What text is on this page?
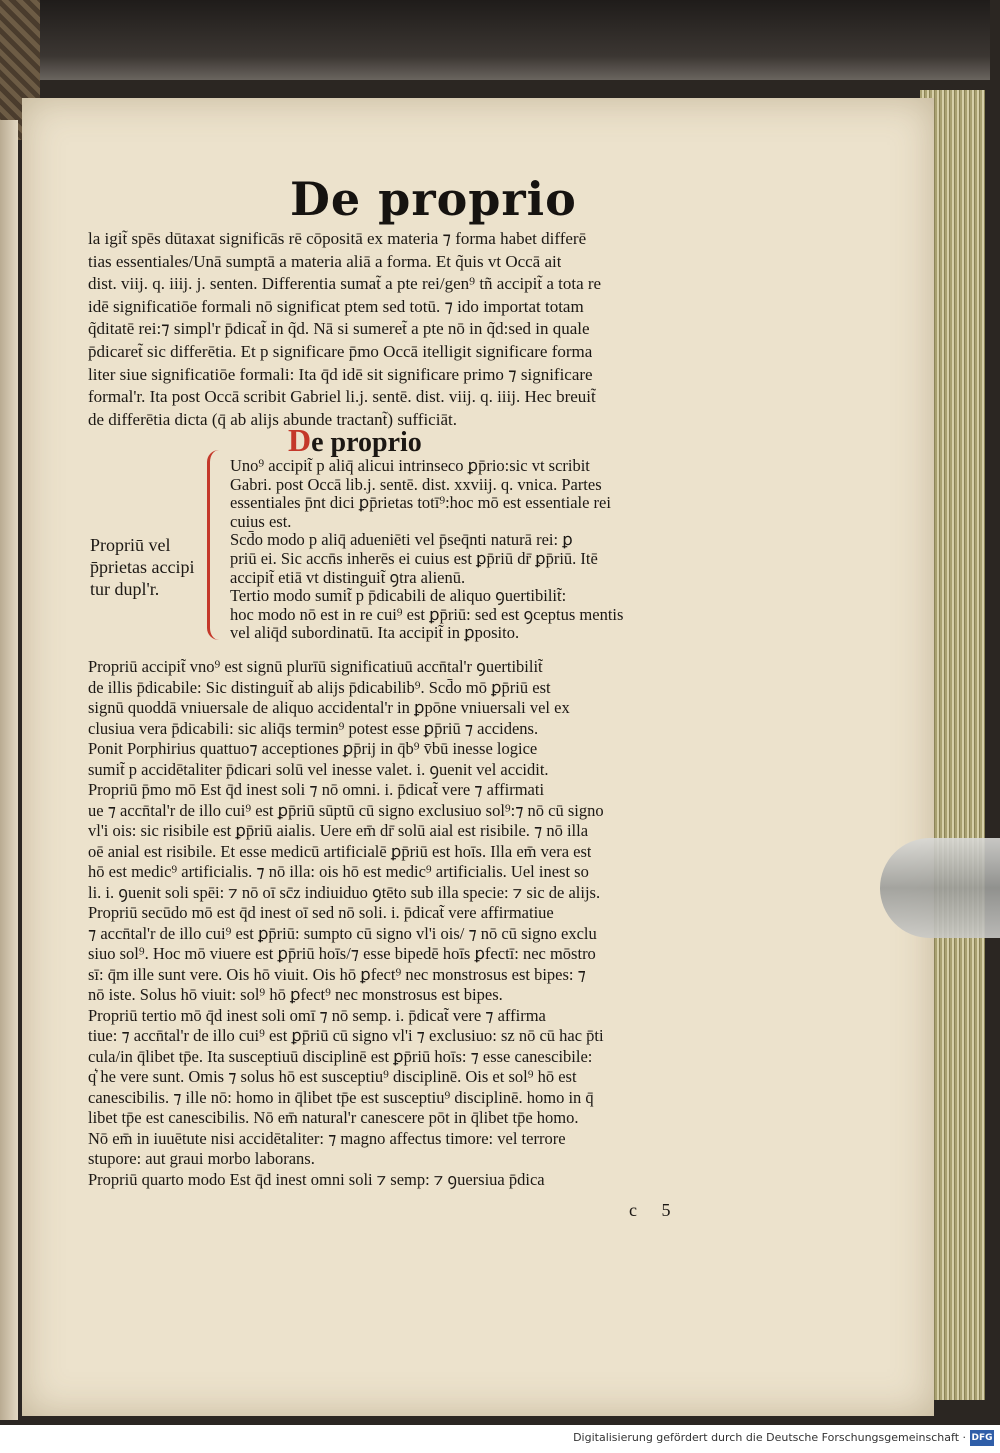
De proprio
la igit̃ spēs dūtaxat significās rē cōpositā ex materia ⁊ forma habet differē
tias essentiales/Unā sumptā a materia aliā a forma. Et q̃uis vt Occā ait
dist. viij. q. iiij. j. senten. Differentia sumat̃ a pte rei/gen⁹ tñ accipit̃ a tota re
idē significatiōe formali nō significat ptem sed totū. ⁊ ido importat totam
q̃ditatē rei:⁊ simpl'r p̄dicat̃ in q̃d. Nā si sumeret̃ a pte nō in q̃d:sed in quale
p̄dicaret̃ sic differētia. Et p significare p̄mo Occā itelligit significare forma
liter siue significatiōe formali: Ita q̄d idē sit significare primo ⁊ significare
formal'r. Ita post Occā scribit Gabriel li.j. sentē. dist. viij. q. iiij. Hec breuit̃
de differētia dicta (q̄ ab alijs abunde tractant̃) sufficiāt.
De proprio
Propriū vel
p̄prietas accipi
tur dupl'r.
Uno⁹ accipit̃ p aliq̄ alicui intrinseco ꝑp̄rio:sic vt scribit
Gabri. post Occā lib.j. sentē. dist. xxviij. q. vnica. Partes
essentiales p̄nt dici ꝑp̄rietas totī⁹:hoc mō est essentiale rei
cuius est.
Scd̄o modo p aliq̄ adueniēti vel p̄seq̄nti naturā rei: ꝑ
priū ei. Sic accn̄s inherēs ei cuius est ꝑp̄riū dr̄ ꝑp̄riū. Itē
accipit̃ etiā vt distinguit̃ ꝯtra alienū.
Tertio modo sumit̃ p p̄dicabili de aliquo ꝯuertibilit̃:
hoc modo nō est in re cui⁹ est ꝑp̄riū: sed est ꝯceptus mentis
vel aliq̄d subordinatū. Ita accipit̃ in ꝑposito.
Propriū accipit̃ vno⁹ est signū plurīū significatiuū accn̄tal'r ꝯuertibilit̃
de illis p̄dicabile: Sic distinguit̃ ab alijs p̄dicabilib⁹. Scd̄o mō ꝑp̄riū est
signū quoddā vniuersale de aliquo accidental'r in ꝑpōne vniuersali vel ex
clusiua vera p̄dicabili: sic aliq̄s termin⁹ potest esse ꝑp̄riū ⁊ accidens.
Ponit Porphirius quattuo⁊ acceptiones ꝑp̄rij in q̄b⁹ v̄bū inesse logice
sumit̃ p accidētaliter p̄dicari solū vel inesse valet. i. ꝯuenit vel accidit.
Propriū p̄mo mō Est q̄d inest soli ⁊ nō omni. i. p̄dicat̃ vere ⁊ affirmati
ue ⁊ accn̄tal'r de illo cui⁹ est ꝑp̄riū sūptū cū signo exclusiuo sol⁹:⁊ nō cū signo
vl'i ois: sic risibile est ꝑp̄riū aialis. Uere em̄ dr̄ solū aial est risibile. ⁊ nō illa
oē anial est risibile. Et esse medicū artificialē ꝑp̄riū est hoīs. Illa em̄ vera est
hō est medic⁹ artificialis. ⁊ nō illa: ois hō est medic⁹ artificialis. Uel inest so
li. i. ꝯuenit soli spēi: ⁊ nō oī sc̄z indiuiduo ꝯtēto sub illa specie: ⁊ sic de alijs.
Propriū secūdo mō est q̄d inest oī sed nō soli. i. p̄dicat̃ vere affirmatiue
⁊ accn̄tal'r de illo cui⁹ est ꝑp̄riū: sumpto cū signo vl'i ois/ ⁊ nō cū signo exclu
siuo sol⁹. Hoc mō viuere est ꝑp̄riū hoīs/⁊ esse bipedē hoīs ꝑfectī: nec mōstro
sī: q̄m ille sunt vere. Ois hō viuit. Ois hō ꝑfect⁹ nec monstrosus est bipes: ⁊
nō iste. Solus hō viuit: sol⁹ hō ꝑfect⁹ nec monstrosus est bipes.
Propriū tertio mō q̄d inest soli omī ⁊ nō semp. i. p̄dicat̃ vere ⁊ affirma
tiue: ⁊ accn̄tal'r de illo cui⁹ est ꝑp̄riū cū signo vl'i ⁊ exclusiuo: sz nō cū hac p̄ti
cula/in q̄libet tp̄e. Ita susceptiuū disciplinē est ꝑp̄riū hoīs: ⁊ esse canescibile:
q͛ he vere sunt. Omis ⁊ solus hō est susceptiu⁹ disciplinē. Ois et sol⁹ hō est
canescibilis. ⁊ ille nō: homo in q̄libet tp̄e est susceptiu⁹ disciplinē. homo in q̄
libet tp̄e est canescibilis. Nō em̄ natural'r canescere pōt in q̄libet tp̄e homo.
Nō em̄ in iuuētute nisi accidētaliter: ⁊ magno affectus timore: vel terrore
stupore: aut graui morbo laborans.
Propriū quarto modo Est q̄d inest omni soli ⁊ semp: ⁊ ꝯuersiua p̄dica
c 5
Digitalisierung gefördert durch die Deutsche Forschungsgemeinschaft · DFG
